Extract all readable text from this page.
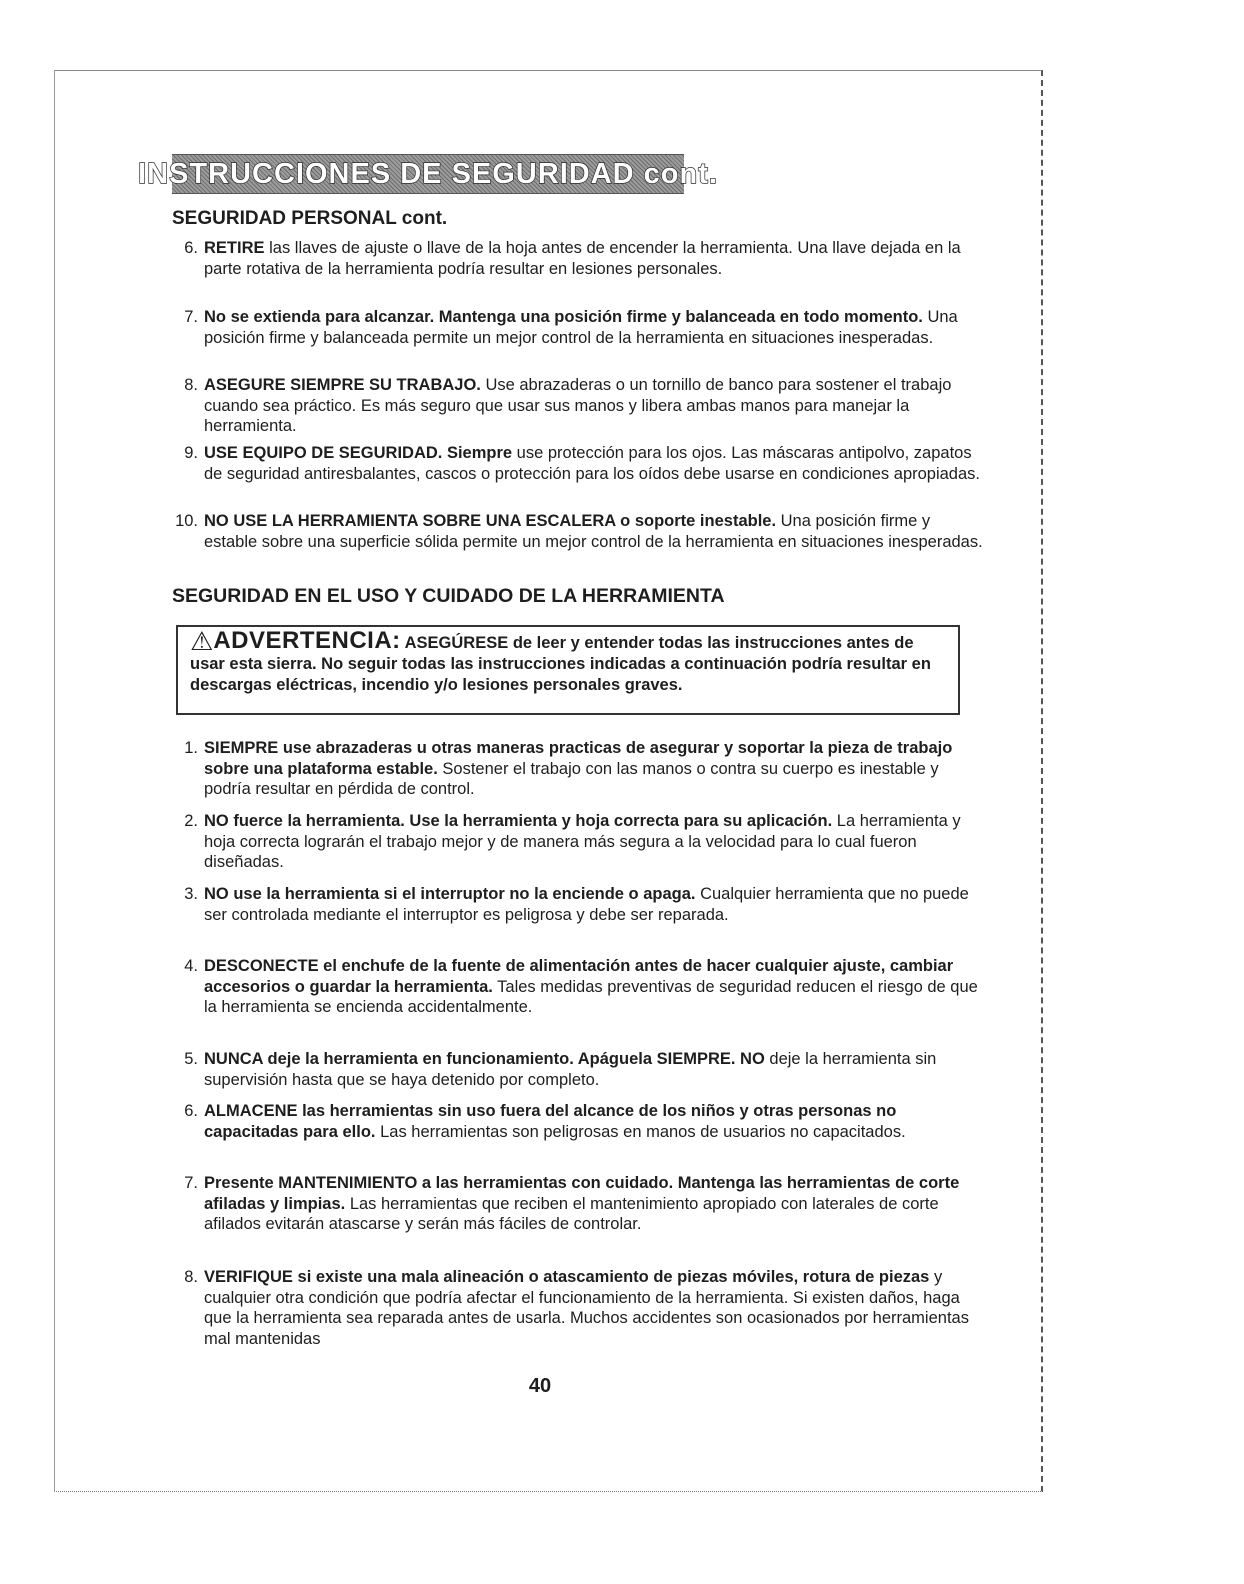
INSTRUCCIONES DE SEGURIDAD cont.
SEGURIDAD PERSONAL cont.
6. RETIRE las llaves de ajuste o llave de la hoja antes de encender la herramienta. Una llave dejada en la parte rotativa de la herramienta podría resultar en lesiones personales.
7. No se extienda para alcanzar. Mantenga una posición firme y balanceada en todo momento. Una posición firme y balanceada permite un mejor control de la herramienta en situaciones inesperadas.
8. ASEGURE SIEMPRE SU TRABAJO. Use abrazaderas o un tornillo de banco para sostener el trabajo cuando sea práctico. Es más seguro que usar sus manos y libera ambas manos para manejar la herramienta.
9. USE EQUIPO DE SEGURIDAD. Siempre use protección para los ojos. Las máscaras antipolvo, zapatos de seguridad antiresbalantes, cascos o protección para los oídos debe usarse en condiciones apropiadas.
10. NO USE LA HERRAMIENTA SOBRE UNA ESCALERA o soporte inestable. Una posición firme y estable sobre una superficie sólida permite un mejor control de la herramienta en situaciones inesperadas.
SEGURIDAD EN EL USO Y CUIDADO DE LA HERRAMIENTA
⚠ADVERTENCIA: ASEGÚRESE de leer y entender todas las instrucciones antes de usar esta sierra. No seguir todas las instrucciones indicadas a continuación podría resultar en descargas eléctricas, incendio y/o lesiones personales graves.
1. SIEMPRE use abrazaderas u otras maneras practicas de asegurar y soportar la pieza de trabajo sobre una plataforma estable. Sostener el trabajo con las manos o contra su cuerpo es inestable y podría resultar en pérdida de control.
2. NO fuerce la herramienta. Use la herramienta y hoja correcta para su aplicación. La herramienta y hoja correcta lograrán el trabajo mejor y de manera más segura a la velocidad para lo cual fueron diseñadas.
3. NO use la herramienta si el interruptor no la enciende o apaga. Cualquier herramienta que no puede ser controlada mediante el interruptor es peligrosa y debe ser reparada.
4. DESCONECTE el enchufe de la fuente de alimentación antes de hacer cualquier ajuste, cambiar accesorios o guardar la herramienta. Tales medidas preventivas de seguridad reducen el riesgo de que la herramienta se encienda accidentalmente.
5. NUNCA deje la herramienta en funcionamiento. Apáguela SIEMPRE. NO deje la herramienta sin supervisión hasta que se haya detenido por completo.
6. ALMACENE las herramientas sin uso fuera del alcance de los niños y otras personas no capacitadas para ello. Las herramientas son peligrosas en manos de usuarios no capacitados.
7. Presente MANTENIMIENTO a las herramientas con cuidado. Mantenga las herramientas de corte afiladas y limpias. Las herramientas que reciben el mantenimiento apropiado con laterales de corte afilados evitarán atascarse y serán más fáciles de controlar.
8. VERIFIQUE si existe una mala alineación o atascamiento de piezas móviles, rotura de piezas y cualquier otra condición que podría afectar el funcionamiento de la herramienta. Si existen daños, haga que la herramienta sea reparada antes de usarla. Muchos accidentes son ocasionados por herramientas mal mantenidas
40
